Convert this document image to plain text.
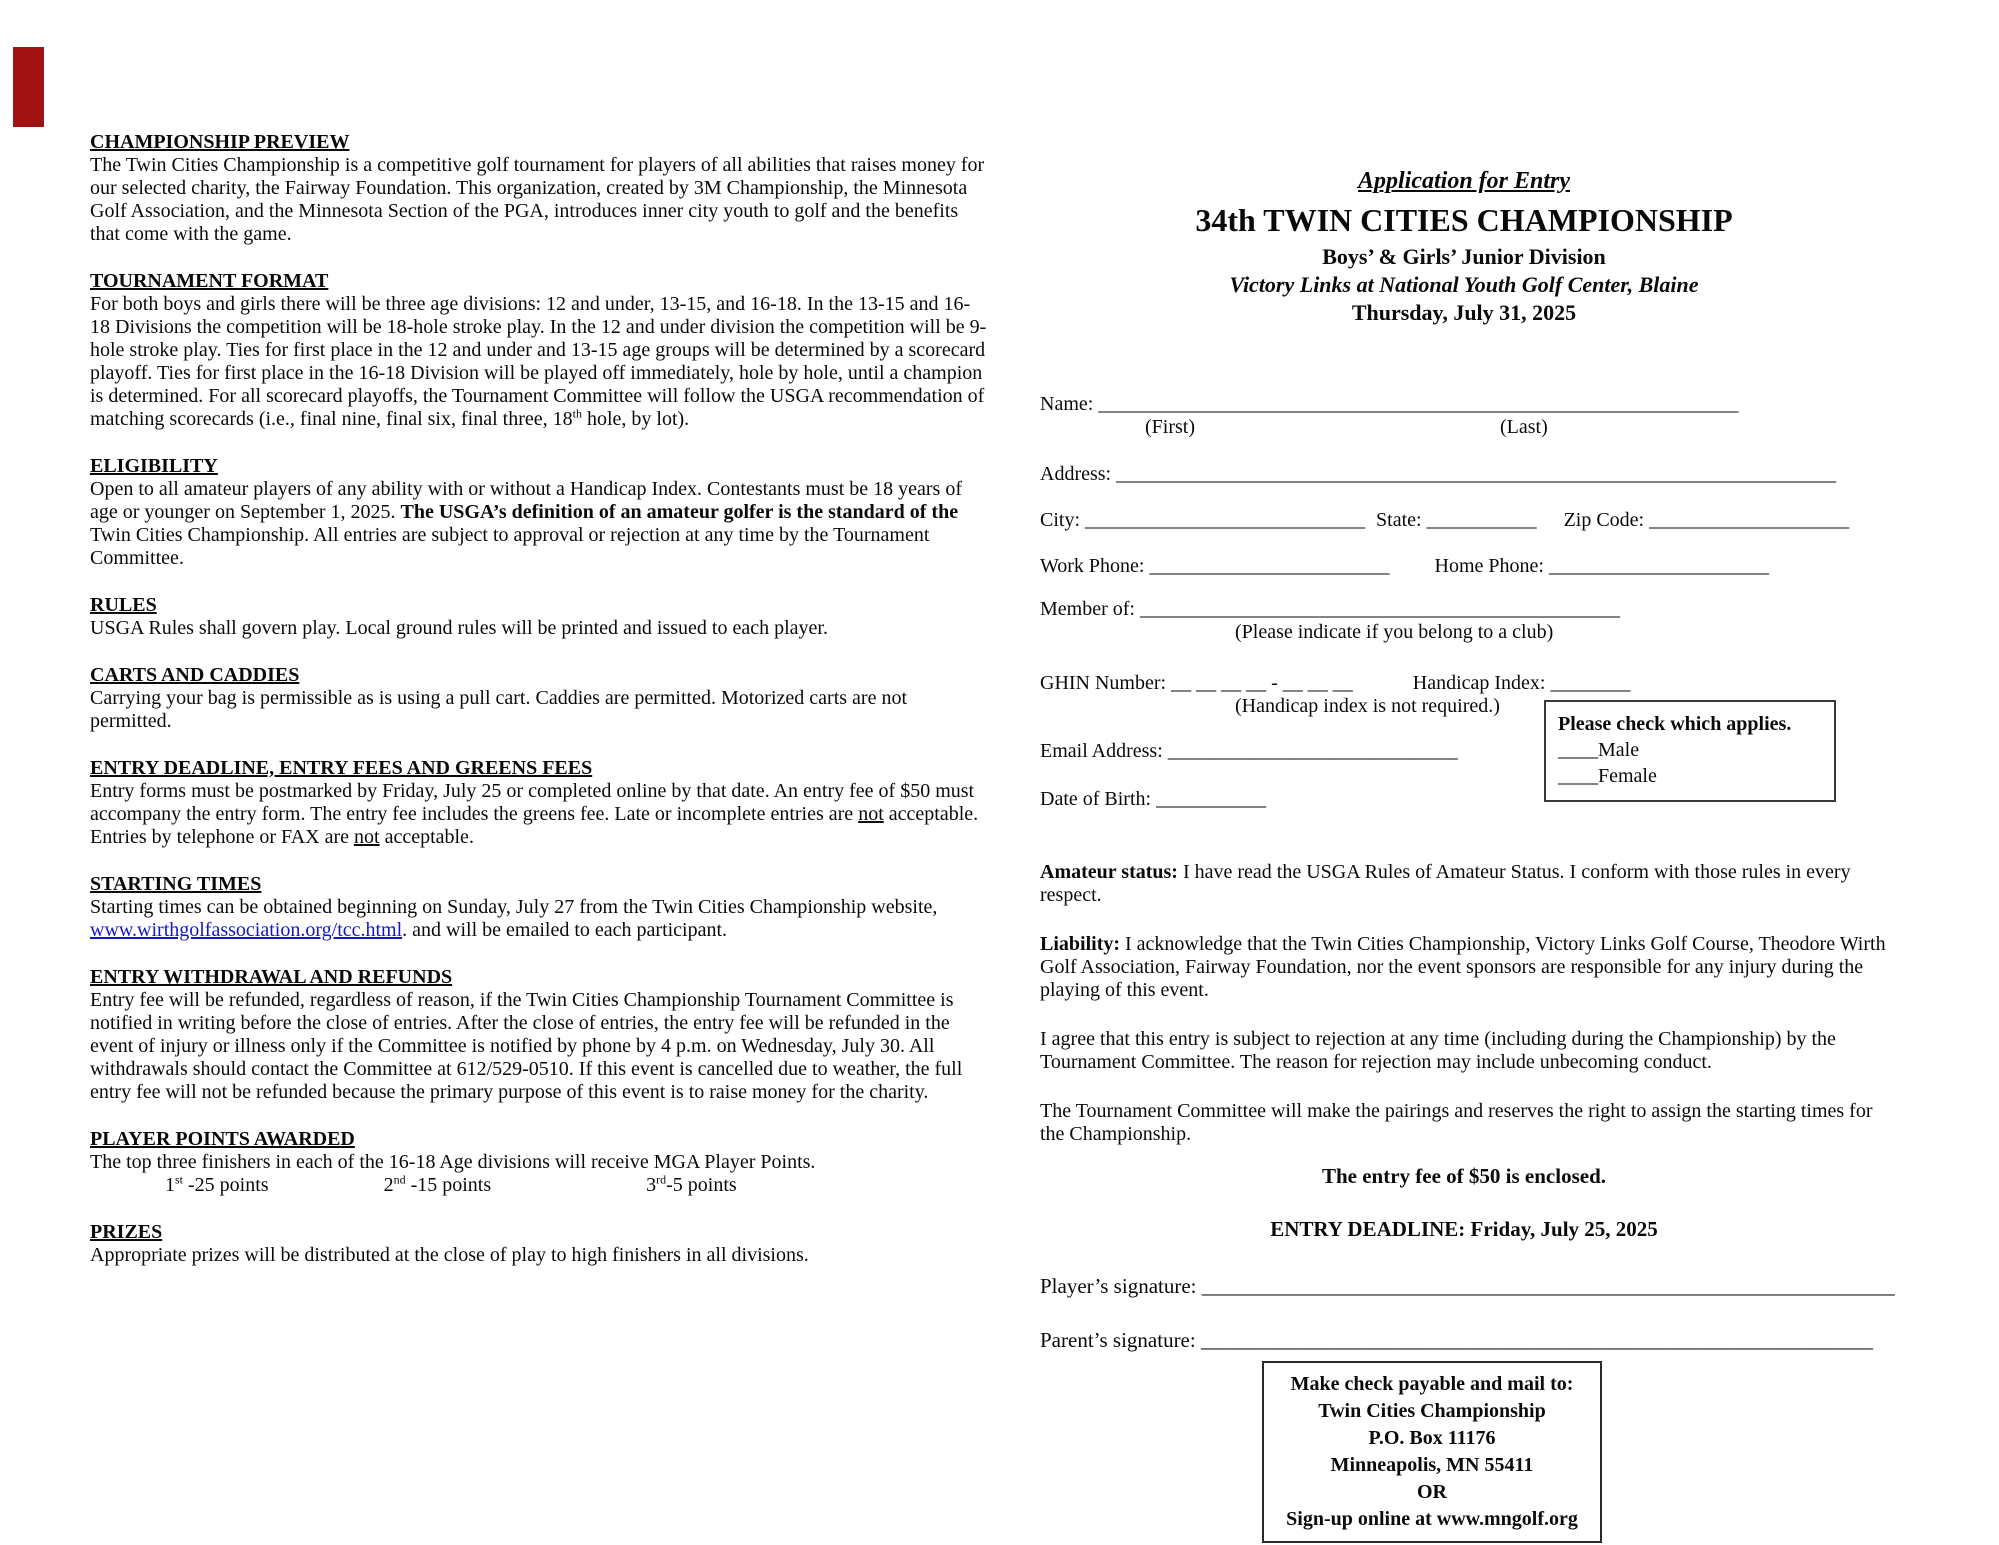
CHAMPIONSHIP PREVIEW

The Twin Cities Championship is a competitive golf tournament for players of all abilities that raises money for our selected charity, the Fairway Foundation. This organization, created by 3M Championship, the Minnesota Golf Association, and the Minnesota Section of the PGA, introduces inner city youth to golf and the benefits that come with the game.

TOURNAMENT FORMAT

For both boys and girls there will be three age divisions: 12 and under, 13-15, and 16-18. In the 13-15 and 16-18 Divisions the competition will be 18-hole stroke play. In the 12 and under division the competition will be 9-hole stroke play. Ties for first place in the 12 and under and 13-15 age groups will be determined by a scorecard playoff. Ties for first place in the 16-18 Division will be played off immediately, hole by hole, until a champion is determined. For all scorecard playoffs, the Tournament Committee will follow the USGA recommendation of matching scorecards (i.e., final nine, final six, final three, 18th hole, by lot).

ELIGIBILITY

Open to all amateur players of any ability with or without a Handicap Index. Contestants must be 18 years of age or younger on September 1, 2025. The USGA’s definition of an amateur golfer is the standard of the Twin Cities Championship. All entries are subject to approval or rejection at any time by the Tournament Committee.

RULES

USGA Rules shall govern play. Local ground rules will be printed and issued to each player.

CARTS AND CADDIES

Carrying your bag is permissible as is using a pull cart. Caddies are permitted. Motorized carts are not permitted.

ENTRY DEADLINE, ENTRY FEES AND GREENS FEES

Entry forms must be postmarked by Friday, July 25 or completed online by that date. An entry fee of $50 must accompany the entry form. The entry fee includes the greens fee. Late or incomplete entries are not acceptable. Entries by telephone or FAX are not acceptable.

STARTING TIMES

Starting times can be obtained beginning on Sunday, July 27 from the Twin Cities Championship website, www.wirthgolfassociation.org/tcc.html. and will be emailed to each participant.

ENTRY WITHDRAWAL AND REFUNDS

Entry fee will be refunded, regardless of reason, if the Twin Cities Championship Tournament Committee is notified in writing before the close of entries. After the close of entries, the entry fee will be refunded in the event of injury or illness only if the Committee is notified by phone by 4 p.m. on Wednesday, July 30. All withdrawals should contact the Committee at 612/529-0510. If this event is cancelled due to weather, the full entry fee will not be refunded because the primary purpose of this event is to raise money for the charity.

PLAYER POINTS AWARDED

The top three finishers in each of the 16-18 Age divisions will receive MGA Player Points.

1st -25 points	2nd -15 points	3rd-5 points
PRIZES

Appropriate prizes will be distributed at the close of play to high finishers in all divisions.

Application for Entry
34th TWIN CITIES CHAMPIONSHIP
Boys’ & Girls’ Junior Division
Victory Links at National Youth Golf Center, Blaine
Thursday, July 31, 2025
Name: ________________________________________________________________
(First)	(Last)
Address: ________________________________________________________________________
City: ____________________________ State: ___________ Zip Code: ____________________
Work Phone: ________________________ Home Phone: ______________________
Member of: ________________________________________________
(Please indicate if you belong to a club)
GHIN Number: __ __ __ __ - __ __ __	Handicap Index: ________
(Handicap index is not required.)
Email Address: _____________________________
Date of Birth: ___________
Please check which applies.
____Male
____Female

Amateur status: I have read the USGA Rules of Amateur Status. I conform with those rules in every respect.

Liability: I acknowledge that the Twin Cities Championship, Victory Links Golf Course, Theodore Wirth Golf Association, Fairway Foundation, nor the event sponsors are responsible for any injury during the playing of this event.

I agree that this entry is subject to rejection at any time (including during the Championship) by the Tournament Committee. The reason for rejection may include unbecoming conduct.

The Tournament Committee will make the pairings and reserves the right to assign the starting times for the Championship.

The entry fee of $50 is enclosed.
ENTRY DEADLINE: Friday, July 25, 2025
Player’s signature: __________________________________________________________________
Parent’s signature: ________________________________________________________________
Make check payable and mail to:
Twin Cities Championship
P.O. Box 11176
Minneapolis, MN 55411
OR
Sign-up online at www.mngolf.org
